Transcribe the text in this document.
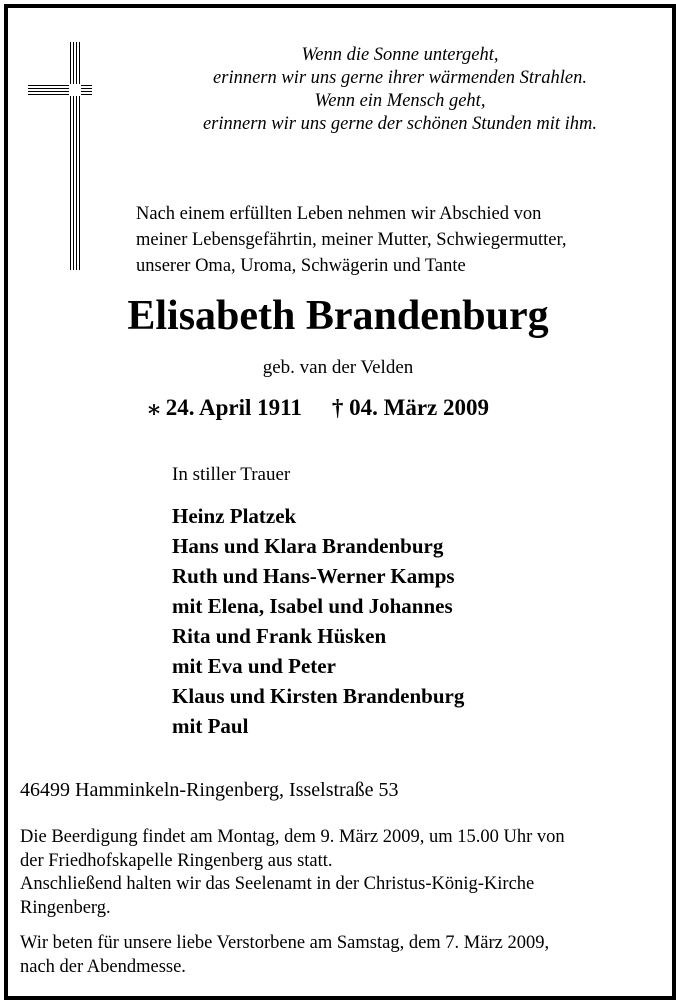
Wenn die Sonne untergeht,
erinnern wir uns gerne ihrer wärmenden Strahlen.
Wenn ein Mensch geht,
erinnern wir uns gerne der schönen Stunden mit ihm.
Nach einem erfüllten Leben nehmen wir Abschied von
meiner Lebensgefährtin, meiner Mutter, Schwiegermutter,
unserer Oma, Uroma, Schwägerin und Tante
Elisabeth Brandenburg
geb. van der Velden
⁎ 24. April 1911 † 04. März 2009
In stiller Trauer
Heinz Platzek
Hans und Klara Brandenburg
Ruth und Hans-Werner Kamps
mit Elena, Isabel und Johannes
Rita und Frank Hüsken
mit Eva und Peter
Klaus und Kirsten Brandenburg
mit Paul
46499 Hamminkeln-Ringenberg, Isselstraße 53
Die Beerdigung findet am Montag, dem 9. März 2009, um 15.00 Uhr von
der Friedhofskapelle Ringenberg aus statt.
Anschließend halten wir das Seelenamt in der Christus-König-Kirche
Ringenberg.
Wir beten für unsere liebe Verstorbene am Samstag, dem 7. März 2009,
nach der Abendmesse.
